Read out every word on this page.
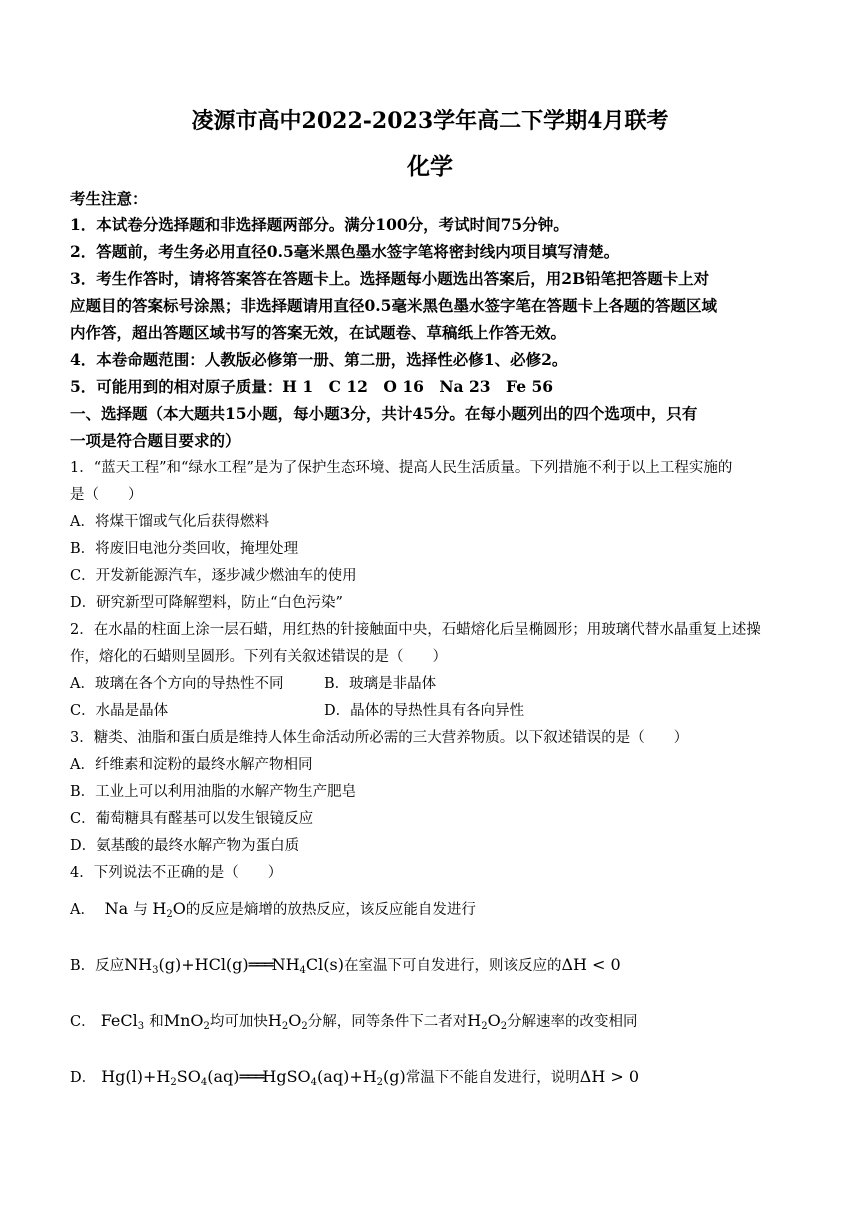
凌源市高中2022-2023学年高二下学期4月联考
化学
考生注意：
1．本试卷分选择题和非选择题两部分。满分100分，考试时间75分钟。
2．答题前，考生务必用直径0.5毫米黑色墨水签字笔将密封线内项目填写清楚。
3．考生作答时，请将答案答在答题卡上。选择题每小题选出答案后，用2B铅笔把答题卡上对
应题目的答案标号涂黑；非选择题请用直径0.5毫米黑色墨水签字笔在答题卡上各题的答题区域
内作答，超出答题区域书写的答案无效，在试题卷、草稿纸上作答无效。
4．本卷命题范围：人教版必修第一册、第二册，选择性必修1、必修2。
5．可能用到的相对原子质量：H 1　C 12　O 16　Na 23　Fe 56
一、选择题（本大题共15小题，每小题3分，共计45分。在每小题列出的四个选项中，只有
一项是符合题目要求的）
1．“蓝天工程”和“绿水工程”是为了保护生态环境、提高人民生活质量。下列措施不利于以上工程实施的
是（　　）
A．将煤干馏或气化后获得燃料
B．将废旧电池分类回收，掩埋处理
C．开发新能源汽车，逐步减少燃油车的使用
D．研究新型可降解塑料，防止“白色污染”
2．在水晶的柱面上涂一层石蜡，用红热的针接触面中央，石蜡熔化后呈椭圆形；用玻璃代替水晶重复上述操
作，熔化的石蜡则呈圆形。下列有关叙述错误的是（　　）
A．玻璃在各个方向的导热性不同	B．玻璃是非晶体
C．水晶是晶体	D．晶体的导热性具有各向异性
3．糖类、油脂和蛋白质是维持人体生命活动所必需的三大营养物质。以下叙述错误的是（　　）
A．纤维素和淀粉的最终水解产物相同
B．工业上可以利用油脂的水解产物生产肥皂
C．葡萄糖具有醛基可以发生银镜反应
D．氨基酸的最终水解产物为蛋白质
4．下列说法不正确的是（　　）
A．  Na 与 $H_2O$的反应是熵增的放热反应，该反应能自发进行
B．反应$NH_3(g)+HCl(g)═══NH_4Cl(s)$在室温下可自发进行，则该反应的ΔH < 0
C． FeCl$_3$ 和MnO$_2$均可加快$H_2O_2$分解，同等条件下二者对$H_2O_2$分解速率的改变相同
D． $Hg(l)+H_2SO_4(aq)═══HgSO_4(aq)+H_2(g)$常温下不能自发进行，说明ΔH > 0
